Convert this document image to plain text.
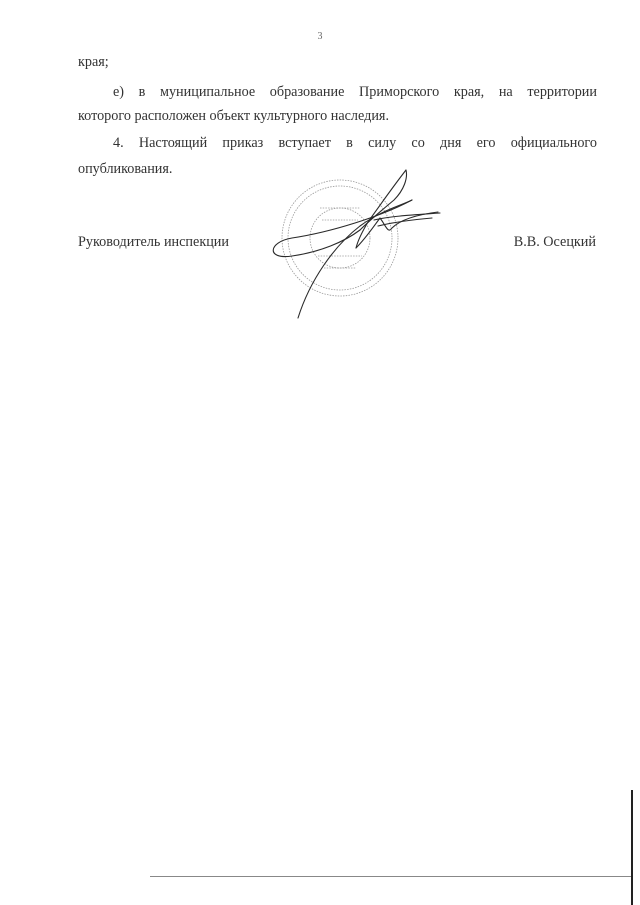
3
края;
е) в муниципальное образование Приморского края, на территории
которого расположен объект культурного наследия.
4. Настоящий приказ вступает в силу со дня его официального
опубликования.
Руководитель инспекции	В.В. Осецкий
